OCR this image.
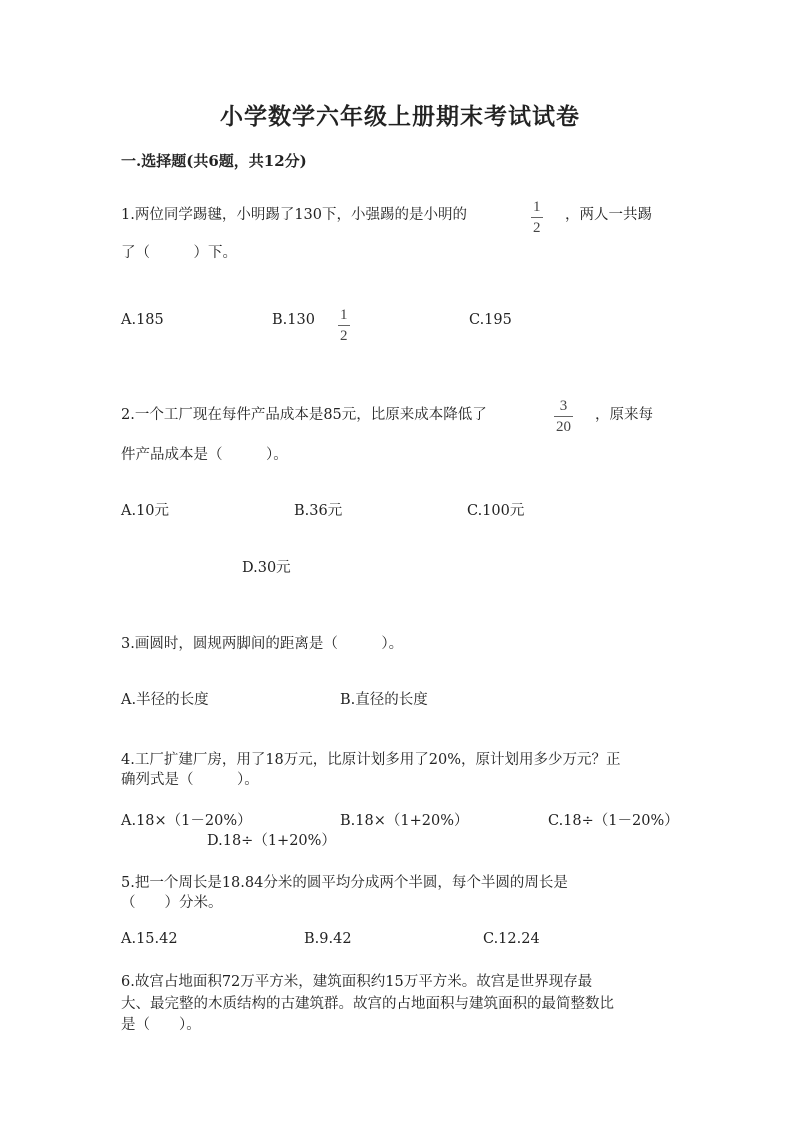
小学数学六年级上册期末考试试卷
一.选择题(共6题，共12分)
1.两位同学踢毽，小明踢了130下，小强踢的是小明的	1
2
，两人一共踢
了（　　　）下。
A.185	B.130 1
2
C.195
2.一个工厂现在每件产品成本是85元，比原来成本降低了
3
20
，原来每
件产品成本是（　　　）。
A.10元	B.36元	C.100元
D.30元
3.画圆时，圆规两脚间的距离是（　　　）。
A.半径的长度	B.直径的长度
4.工厂扩建厂房，用了18万元，比原计划多用了20%，原计划用多少万元？正
确列式是（　　　）。
A.18×（1－20%）	B.18×（1+20%）	C.18÷（1－20%）
D.18÷（1+20%）
5.把一个周长是18.84分米的圆平均分成两个半圆，每个半圆的周长是
（　　）分米。
A.15.42	B.9.42	C.12.24
6.故宫占地面积72万平方米，建筑面积约15万平方米。故宫是世界现存最
大、最完整的木质结构的古建筑群。故宫的占地面积与建筑面积的最简整数比
是（　　）。
